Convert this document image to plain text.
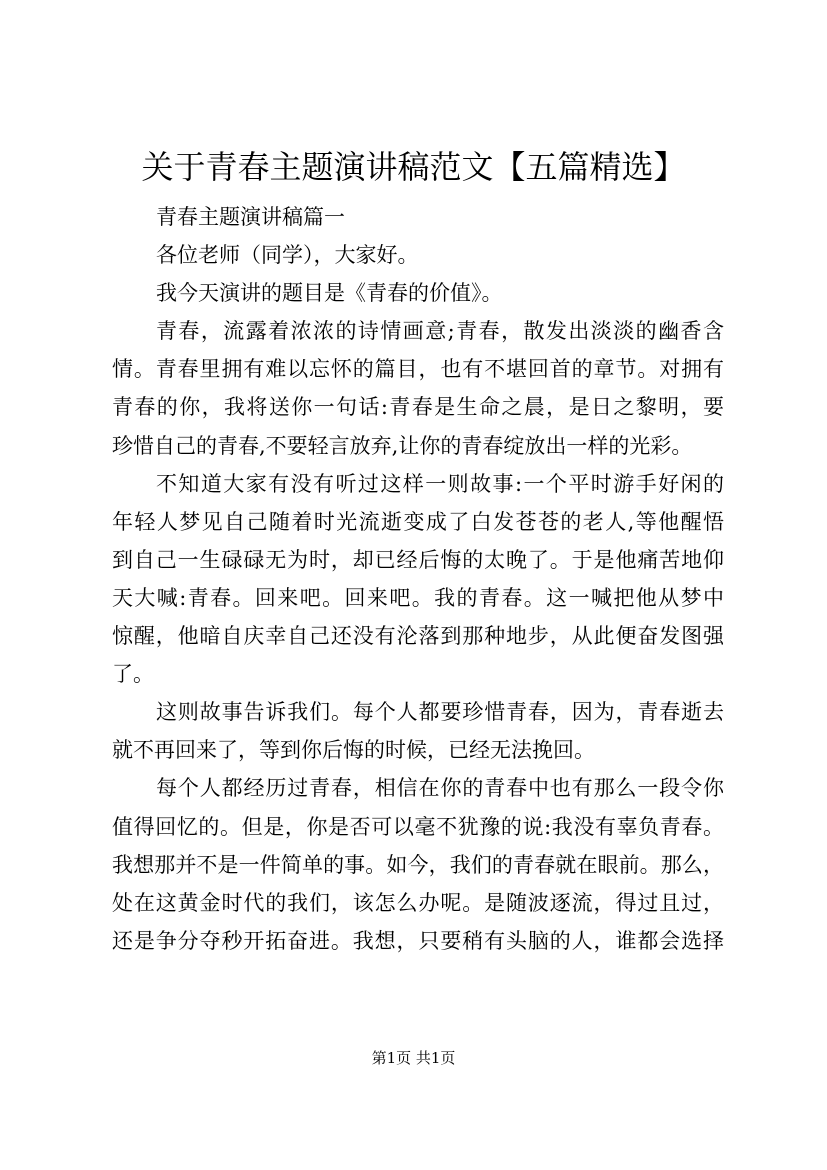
关于青春主题演讲稿范文【五篇精选】
青春主题演讲稿篇一
各位老师（同学），大家好。
我今天演讲的题目是《青春的价值》。
青春，流露着浓浓的诗情画意;青春，散发出淡淡的幽香含
情。青春里拥有难以忘怀的篇目，也有不堪回首的章节。对拥有
青春的你，我将送你一句话:青春是生命之晨，是日之黎明，要
珍惜自己的青春,不要轻言放弃,让你的青春绽放出一样的光彩。
不知道大家有没有听过这样一则故事:一个平时游手好闲的
年轻人梦见自己随着时光流逝变成了白发苍苍的老人,等他醒悟
到自己一生碌碌无为时，却已经后悔的太晚了。于是他痛苦地仰
天大喊:青春。回来吧。回来吧。我的青春。这一喊把他从梦中
惊醒，他暗自庆幸自己还没有沦落到那种地步，从此便奋发图强
了。
这则故事告诉我们。每个人都要珍惜青春，因为，青春逝去
就不再回来了，等到你后悔的时候，已经无法挽回。
每个人都经历过青春，相信在你的青春中也有那么一段令你
值得回忆的。但是，你是否可以毫不犹豫的说:我没有辜负青春。
我想那并不是一件简单的事。如今，我们的青春就在眼前。那么，
处在这黄金时代的我们，该怎么办呢。是随波逐流，得过且过，
还是争分夺秒开拓奋进。我想，只要稍有头脑的人，谁都会选择
第1页 共1页
